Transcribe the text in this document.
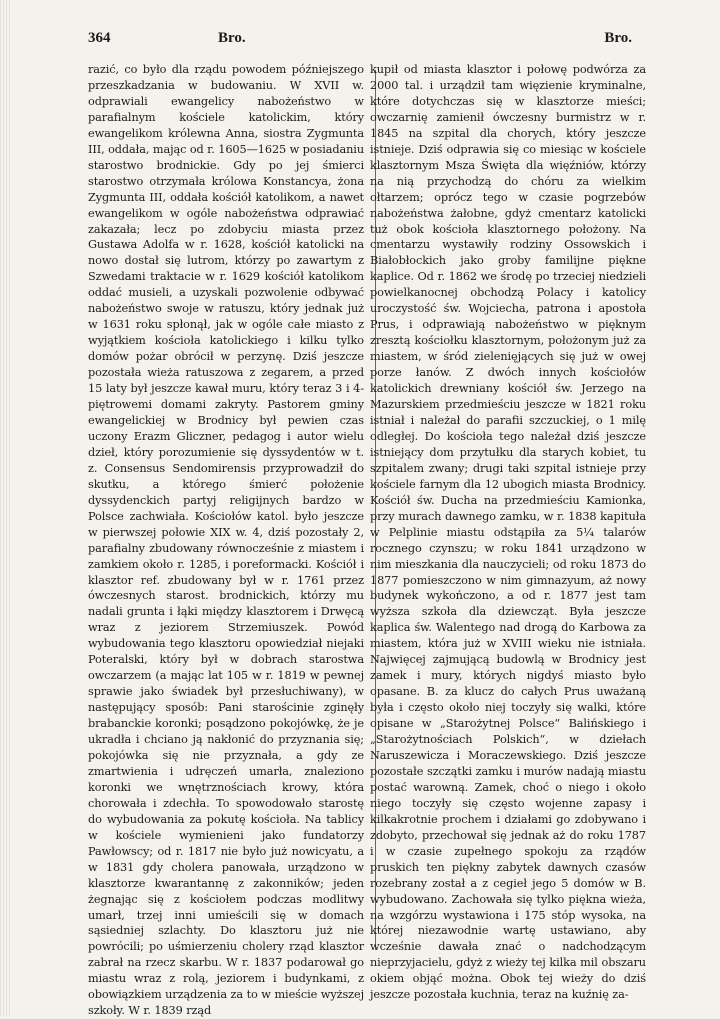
364	Bro.	Bro.

razić, co było dla rządu powodem późniejszego przeszkadzania w budowaniu. W XVII w. odprawiali ewangelicy nabożeństwo w parafialnym kościele katolickim, który ewangelikom królewna Anna, siostra Zygmunta III, oddała, mając od r. 1605—1625 w posiadaniu starostwo brodnickie. Gdy po jej śmierci starostwo otrzymała królowa Konstancya, żona Zygmunta III, oddała kościół katolikom, a nawet ewangelikom w ogóle nabożeństwa odprawiać zakazała; lecz po zdobyciu miasta przez Gustawa Adolfa w r. 1628, kościół katolicki na nowo dostał się lutrom, którzy po zawartym z Szwedami traktacie w r. 1629 kościół katolikom oddać musieli, a uzyskali pozwolenie odbywać nabożeństwo swoje w ratuszu, który jednak już w 1631 roku spłonął, jak w ogóle całe miasto z wyjątkiem kościoła katolickiego i kilku tylko domów pożar obrócił w perzynę. Dziś jeszcze pozostała wieża ratuszowa z zegarem, a przed 15 laty był jeszcze kawał muru, który teraz 3 i 4-piętrowemi domami zakryty. Pastorem gminy ewangelickiej w Brodnicy był pewien czas uczony Erazm Gliczner, pedagog i autor wielu dzieł, który porozumienie się dyssydentów w t. z. Consensus Sendomirensis przyprowadził do skutku, a którego śmierć położenie dyssydenckich partyj religijnych bardzo w Polsce zachwiała. Kościołów katol. było jeszcze w pierwszej połowie XIX w. 4, dziś pozostały 2, parafialny zbudowany równocześnie z miastem i zamkiem około r. 1285, i poreformacki. Kościół i klasztor ref. zbudowany był w r. 1761 przez ówczesnych starost. brodnickich, którzy mu nadali grunta i łąki między klasztorem i Drwęcą wraz z jeziorem Strzemiuszek. Powód wybudowania tego klasztoru opowiedział niejaki Poteralski, który był w dobrach starostwa owczarzem (a mając lat 105 w r. 1819 w pewnej sprawie jako świadek był przesłuchiwany), w następujący sposób: Pani starościnie zginęły brabanckie koronki; posądzono pokojówkę, że je ukradła i chciano ją nakłonić do przyznania się; pokojówka się nie przyznała, a gdy ze zmartwienia i udręczeń umarła, znaleziono koronki we wnętrznościach krowy, która chorowała i zdechła. To spowodowało starostę do wybudowania za pokutę kościoła. Na tablicy w kościele wymienieni jako fundatorzy Pawłowscy; od r. 1817 nie było już nowicyatu, a w 1831 gdy cholera panowała, urządzono w klasztorze kwarantannę z zakonników; jeden żegnając się z kościołem podczas modlitwy umarł, trzej inni umieścili się w domach sąsiedniej szlachty. Do klasztoru już nie powrócili; po uśmierzeniu cholery rząd klasztor zabrał na rzecz skarbu. W r. 1837 podarował go miastu wraz z rolą, jeziorem i budynkami, z obowiązkiem urządzenia za to w mieście wyższej szkoły. W r. 1839 rząd

kupił od miasta klasztor i połowę podwórza za 2000 tal. i urządził tam więzienie kryminalne, które dotychczas się w klasztorze mieści; owczarnię zamienił ówczesny burmistrz w r. 1845 na szpital dla chorych, który jeszcze istnieje. Dziś odprawia się co miesiąc w kościele klasztornym Msza Święta dla więźniów, którzy na nią przychodzą do chóru za wielkim ołtarzem; oprócz tego w czasie pogrzebów nabożeństwa żałobne, gdyż cmentarz katolicki tuż obok kościoła klasztornego położony. Na cmentarzu wystawiły rodziny Ossowskich i Białobłockich jako groby familijne piękne kaplice. Od r. 1862 we środę po trzeciej niedzieli powielkanocnej obchodzą Polacy i katolicy uroczystość św. Wojciecha, patrona i apostoła Prus, i odprawiają nabożeństwo w pięknym zresztą kościołku klasztornym, położonym już za miastem, w śród zielenięjących się już w owej porze łanów. Z dwóch innych kościołów katolickich drewniany kościół św. Jerzego na Mazurskiem przedmieściu jeszcze w 1821 roku istniał i należał do parafii szczuckiej, o 1 milę odległej. Do kościoła tego należał dziś jeszcze istniejący dom przytułku dla starych kobiet, tu szpitalem zwany; drugi taki szpital istnieje przy kościele farnym dla 12 ubogich miasta Brodnicy. Kościół św. Ducha na przedmieściu Kamionka, przy murach dawnego zamku, w r. 1838 kapituła w Pelplinie miastu odstąpiła za 5¼ talarów rocznego czynszu; w roku 1841 urządzono w nim mieszkania dla nauczycieli; od roku 1873 do 1877 pomieszczono w nim gimnazyum, aż nowy budynek wykończono, a od r. 1877 jest tam wyższa szkoła dla dziewcząt. Była jeszcze kaplica św. Walentego nad drogą do Karbowa za miastem, która już w XVIII wieku nie istniała. Najwięcej zajmującą budowlą w Brodnicy jest zamek i mury, których nigdyś miasto było opasane. B. za klucz do całych Prus uważaną była i często około niej toczyły się walki, które opisane w „Starożytnej Polsce“ Balińskiego i „Starożytnościach Polskich“, w dziełach Naruszewicza i Moraczewskiego. Dziś jeszcze pozostałe szczątki zamku i murów nadają miastu postać warowną. Zamek, choć o niego i około niego toczyły się często wojenne zapasy i kilkakrotnie prochem i działami go zdobywano i zdobyto, przechował się jednak aż do roku 1787 i w czasie zupełnego spokoju za rządów pruskich ten piękny zabytek dawnych czasów rozebrany został a z cegieł jego 5 domów w B. wybudowano. Zachowała się tylko piękna wieża, na wzgórzu wystawiona i 175 stóp wysoka, na której niezawodnie wartę ustawiano, aby wcześnie dawała znać o nadchodzącym nieprzyjacielu, gdyż z wieży tej kilka mil obszaru okiem objąć można. Obok tej wieży do dziś jeszcze pozostała kuchnia, teraz na kuźnię za-
